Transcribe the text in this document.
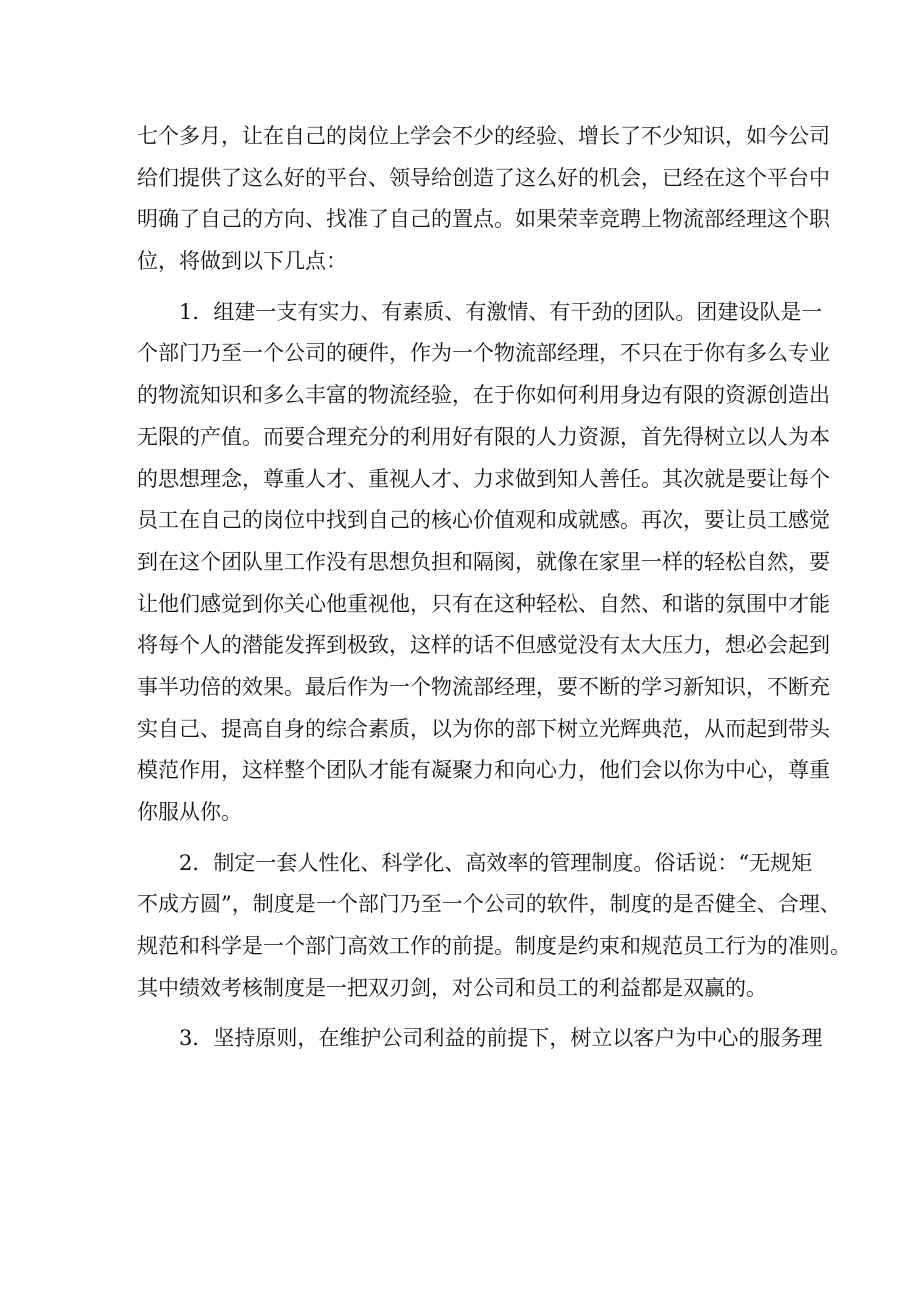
七个多月，让在自己的岗位上学会不少的经验、增长了不少知识，如今公司
给们提供了这么好的平台、领导给创造了这么好的机会，已经在这个平台中
明确了自己的方向、找准了自己的置点。如果荣幸竞聘上物流部经理这个职
位，将做到以下几点：
1．组建一支有实力、有素质、有激情、有干劲的团队。团建设队是一
个部门乃至一个公司的硬件，作为一个物流部经理，不只在于你有多么专业
的物流知识和多么丰富的物流经验，在于你如何利用身边有限的资源创造出
无限的产值。而要合理充分的利用好有限的人力资源，首先得树立以人为本
的思想理念，尊重人才、重视人才、力求做到知人善任。其次就是要让每个
员工在自己的岗位中找到自己的核心价值观和成就感。再次，要让员工感觉
到在这个团队里工作没有思想负担和隔阂，就像在家里一样的轻松自然，要
让他们感觉到你关心他重视他，只有在这种轻松、自然、和谐的氛围中才能
将每个人的潜能发挥到极致，这样的话不但感觉没有太大压力，想必会起到
事半功倍的效果。最后作为一个物流部经理，要不断的学习新知识，不断充
实自己、提高自身的综合素质，以为你的部下树立光辉典范，从而起到带头
模范作用，这样整个团队才能有凝聚力和向心力，他们会以你为中心，尊重
你服从你。
2．制定一套人性化、科学化、高效率的管理制度。俗话说：“无规矩
不成方圆”，制度是一个部门乃至一个公司的软件，制度的是否健全、合理、
规范和科学是一个部门高效工作的前提。制度是约束和规范员工行为的准则。
其中绩效考核制度是一把双刃剑，对公司和员工的利益都是双赢的。
3．坚持原则，在维护公司利益的前提下，树立以客户为中心的服务理
